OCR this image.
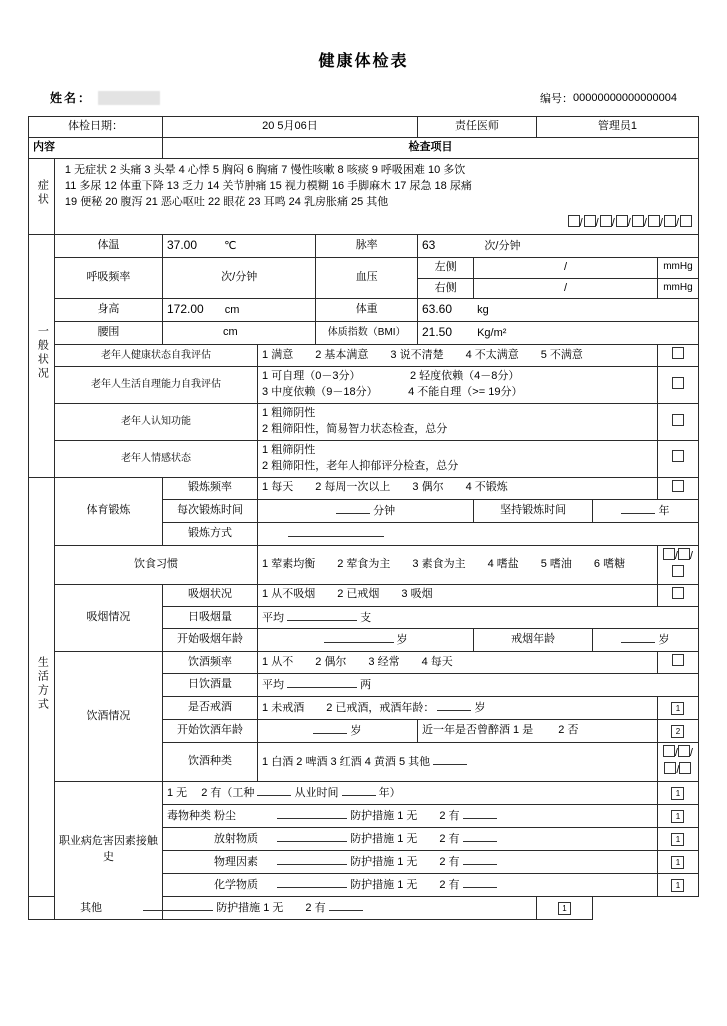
健康体检表
姓名：	编号： 00000000000000004
体检日期：		20 5月06日			责任医师		管理员1		
内容		检查项目							
症状	1 无症状 2 头痛 3 头晕 4 心悸 5 胸闷 6 胸痛 7 慢性咳嗽 8 咳痰 9 呼吸困难 10 多饮
11 多尿 12 体重下降 13 乏力 14 关节肿痛 15 视力模糊 16 手脚麻木 17 尿急 18 尿痛
19 便秘 20 腹泻 21 恶心呕吐 22 眼花 23 耳鸣 24 乳房胀痛 25 其他								

	/ / / / / / /								
一般状况	体温	37.00 ℃		脉率	63 次/分钟				
	呼吸频率	次/分钟		血压	左侧	/			mmHg
					右侧	/			mmHg
	身高	172.00 cm		体重	63.60 kg				
	腰围	cm		体质指数（BMI）	21.50 Kg/m²				
	老年人健康状态自我评估		1 满意　　2 基本满意　　3 说不清楚　　4 不太满意　　5 不满意						
	老年人生活自理能力自我评估		1 可自理（0－3分）　　　　　2 轻度依赖（4－8分）
3 中度依赖（9－18分）　　　 4 不能自理（>= 19分）						

	老年人认知功能		1 粗筛阴性
2 粗筛阳性，简易智力状态检查，总分						

	老年人情感状态		1 粗筛阴性
2 粗筛阳性，老年人抑郁评分检查，总分						

生活方式	体育锻炼	锻炼频率	1 每天　　2 每周一次以上　　3 偶尔　　4 不锻炼						
		每次锻炼时间	分钟			坚持锻炼时间		年	
		锻炼方式							
	饮食习惯		1 荤素均衡　　2 荤食为主　　3 素食为主　　4 嗜盐　　5 嗜油　　6 嗜糖						/ /
	吸烟情况	吸烟状况	1 从不吸烟　　2 已戒烟　　3 吸烟						
		日吸烟量	平均 支						
		开始吸烟年龄	岁			戒烟年龄		岁	
	饮酒情况	饮酒频率	1 从不　　2 偶尔　　3 经常　　4 每天						
		日饮酒量	平均 两						
		是否戒酒	1 未戒酒　　2 已戒酒，戒酒年龄： 岁						1
		开始饮酒年龄	岁		近一年是否曾醉酒 1 是　　 2 否				2
		饮酒种类	1 白酒 2 啤酒 3 红酒 4 黄酒 5 其他						/ //
	职业病危害因素接触史	1 无　 2 有（工种 从业时间 年）							1
		毒物种类 粉尘 防护措施 1 无　　2 有							1
		放射物质 防护措施 1 无　　2 有							1
		物理因素 防护措施 1 无　　2 有							1
		化学物质 防护措施 1 无　　2 有							1
其他 防护措施 1 无　　2 有							1		
